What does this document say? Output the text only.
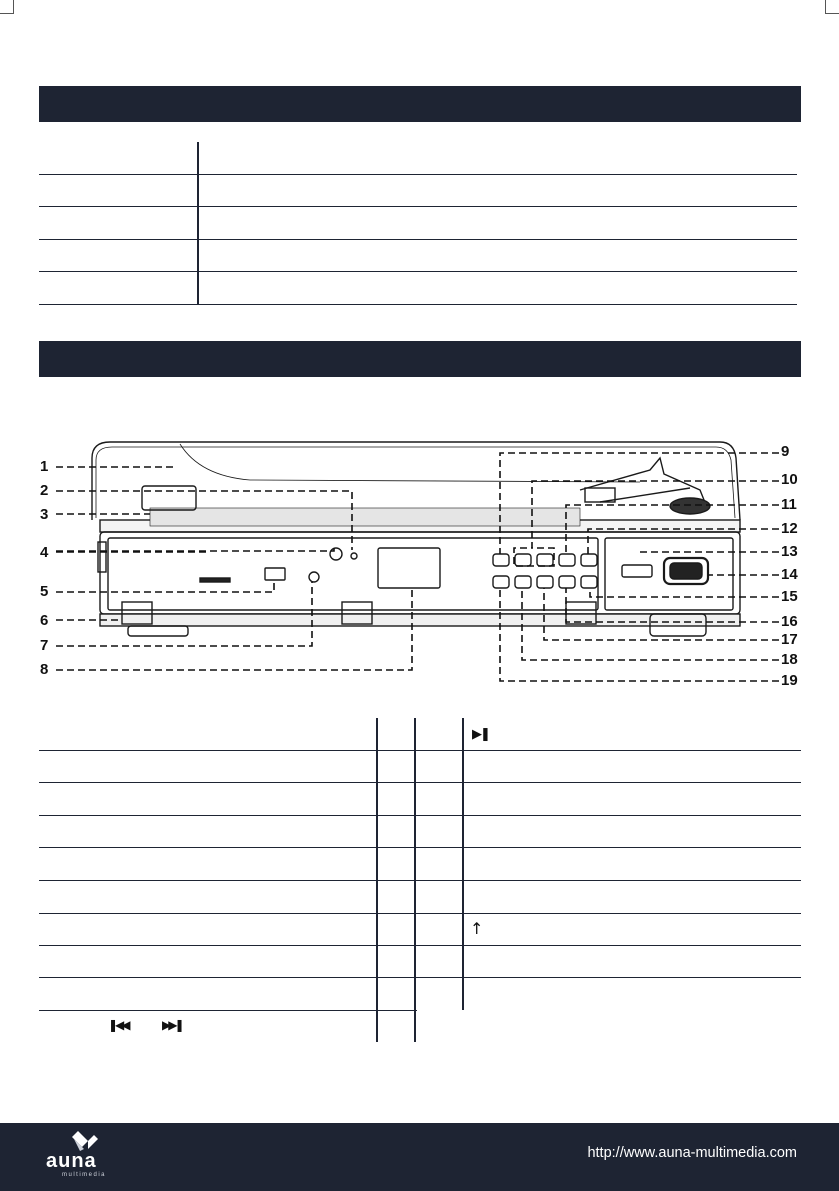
1
2
3
4
5
6
7
8
9
10
11
12
13
14
15
16
17
18
19
▶❚
↑
❚◀◀	▶▶❚
auna
multimedia
http://www.auna-multimedia.com
